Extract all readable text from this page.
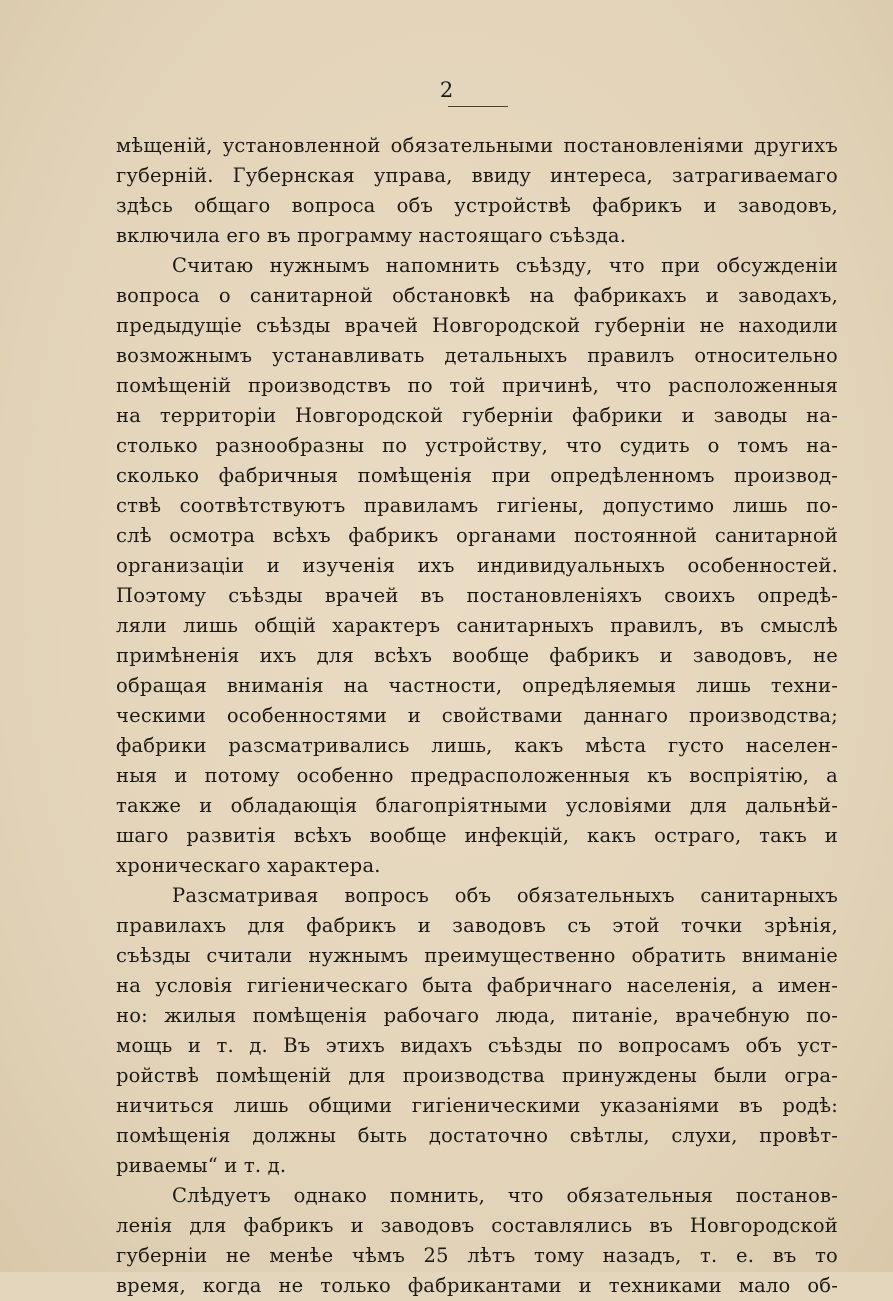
2
мѣщеній, установленной обязательными постановленіями другихъ
губерній. Губернская управа, ввиду интереса, затрагиваемаго
здѣсь общаго вопроса объ устройствѣ фабрикъ и заводовъ,
включила его въ программу настоящаго съѣзда.
Считаю нужнымъ напомнить съѣзду, что при обсужденіи
вопроса о санитарной обстановкѣ на фабрикахъ и заводахъ,
предыдущіе съѣзды врачей Новгородской губерніи не находили
возможнымъ устанавливать детальныхъ правилъ относительно
помѣщеній производствъ по той причинѣ, что расположенныя
на территоріи Новгородской губерніи фабрики и заводы на-
столько разнообразны по устройству, что судить о томъ на-
сколько фабричныя помѣщенія при опредѣленномъ производ-
ствѣ соотвѣтствуютъ правиламъ гигіены, допустимо лишь по-
слѣ осмотра всѣхъ фабрикъ органами постоянной санитарной
организаціи и изученія ихъ индивидуальныхъ особенностей.
Поэтому съѣзды врачей въ постановленіяхъ своихъ опредѣ-
ляли лишь общій характеръ санитарныхъ правилъ, въ смыслѣ
примѣненія ихъ для всѣхъ вообще фабрикъ и заводовъ, не
обращая вниманія на частности, опредѣляемыя лишь техни-
ческими особенностями и свойствами даннаго производства;
фабрики разсматривались лишь, какъ мѣста густо населен-
ныя и потому особенно предрасположенныя къ воспріятію, а
также и обладающія благопріятными условіями для дальнѣй-
шаго развитія всѣхъ вообще инфекцій, какъ остраго, такъ и
хроническаго характера.
Разсматривая вопросъ объ обязательныхъ санитарныхъ
правилахъ для фабрикъ и заводовъ съ этой точки зрѣнія,
съѣзды считали нужнымъ преимущественно обратить вниманіе
на условія гигіеническаго быта фабричнаго населенія, а имен-
но: жилыя помѣщенія рабочаго люда, питаніе, врачебную по-
мощь и т. д. Въ этихъ видахъ съѣзды по вопросамъ объ уст-
ройствѣ помѣщеній для производства принуждены были огра-
ничиться лишь общими гигіеническими указаніями въ родѣ:
помѣщенія должны быть достаточно свѣтлы, слухи, провѣт-
риваемы“ и т. д.
Слѣдуетъ однако помнить, что обязательныя постанов-
ленія для фабрикъ и заводовъ составлялись въ Новгородской
губерніи не менѣе чѣмъ 25 лѣтъ тому назадъ, т. е. въ то
время, когда не только фабрикантами и техниками мало об-
